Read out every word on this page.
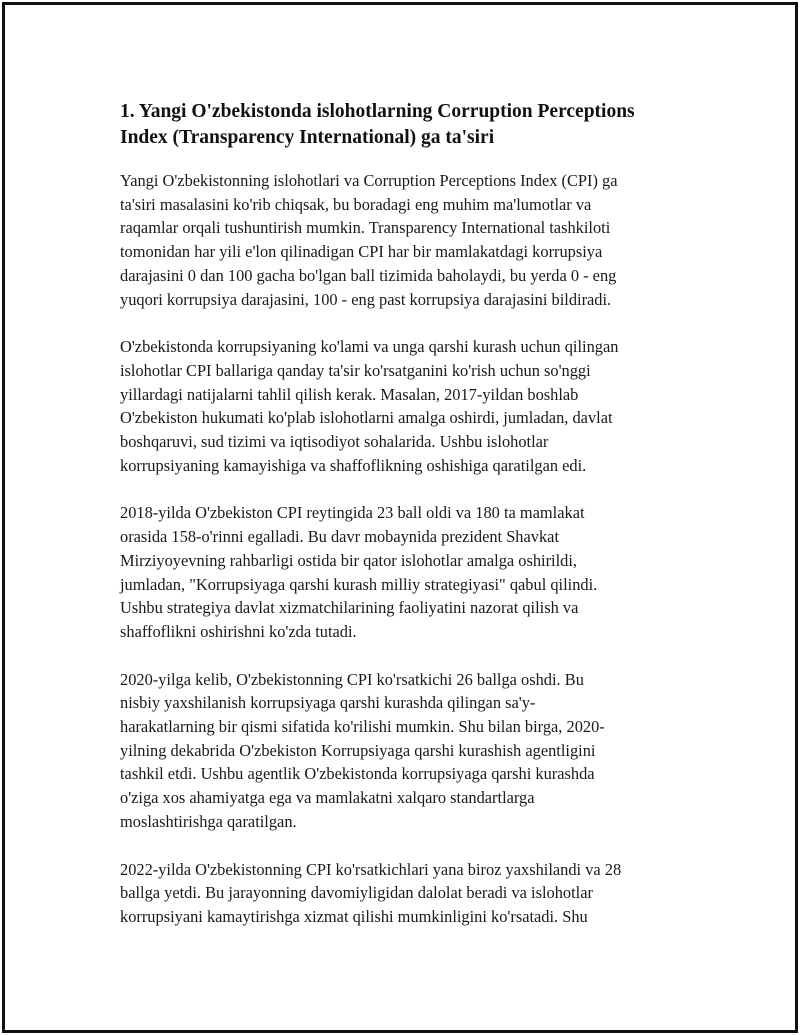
1. Yangi O'zbekistonda islohotlarning Corruption Perceptions
Index (Transparency International) ga ta'siri

Yangi O'zbekistonning islohotlari va Corruption Perceptions Index (CPI) ga
ta'siri masalasini ko'rib chiqsak, bu boradagi eng muhim ma'lumotlar va
raqamlar orqali tushuntirish mumkin. Transparency International tashkiloti
tomonidan har yili e'lon qilinadigan CPI har bir mamlakatdagi korrupsiya
darajasini 0 dan 100 gacha bo'lgan ball tizimida baholaydi, bu yerda 0 - eng
yuqori korrupsiya darajasini, 100 - eng past korrupsiya darajasini bildiradi.

O'zbekistonda korrupsiyaning ko'lami va unga qarshi kurash uchun qilingan
islohotlar CPI ballariga qanday ta'sir ko'rsatganini ko'rish uchun so'nggi
yillardagi natijalarni tahlil qilish kerak. Masalan, 2017-yildan boshlab
O'zbekiston hukumati ko'plab islohotlarni amalga oshirdi, jumladan, davlat
boshqaruvi, sud tizimi va iqtisodiyot sohalarida. Ushbu islohotlar
korrupsiyaning kamayishiga va shaffoflikning oshishiga qaratilgan edi.

2018-yilda O'zbekiston CPI reytingida 23 ball oldi va 180 ta mamlakat
orasida 158-o'rinni egalladi. Bu davr mobaynida prezident Shavkat
Mirziyoyevning rahbarligi ostida bir qator islohotlar amalga oshirildi,
jumladan, "Korrupsiyaga qarshi kurash milliy strategiyasi" qabul qilindi.
Ushbu strategiya davlat xizmatchilarining faoliyatini nazorat qilish va
shaffoflikni oshirishni ko'zda tutadi.

2020-yilga kelib, O'zbekistonning CPI ko'rsatkichi 26 ballga oshdi. Bu
nisbiy yaxshilanish korrupsiyaga qarshi kurashda qilingan sa'y-
harakatlarning bir qismi sifatida ko'rilishi mumkin. Shu bilan birga, 2020-
yilning dekabrida O'zbekiston Korrupsiyaga qarshi kurashish agentligini
tashkil etdi. Ushbu agentlik O'zbekistonda korrupsiyaga qarshi kurashda
o'ziga xos ahamiyatga ega va mamlakatni xalqaro standartlarga
moslashtirishga qaratilgan.

2022-yilda O'zbekistonning CPI ko'rsatkichlari yana biroz yaxshilandi va 28
ballga yetdi. Bu jarayonning davomiyligidan dalolat beradi va islohotlar
korrupsiyani kamaytirishga xizmat qilishi mumkinligini ko'rsatadi. Shu
